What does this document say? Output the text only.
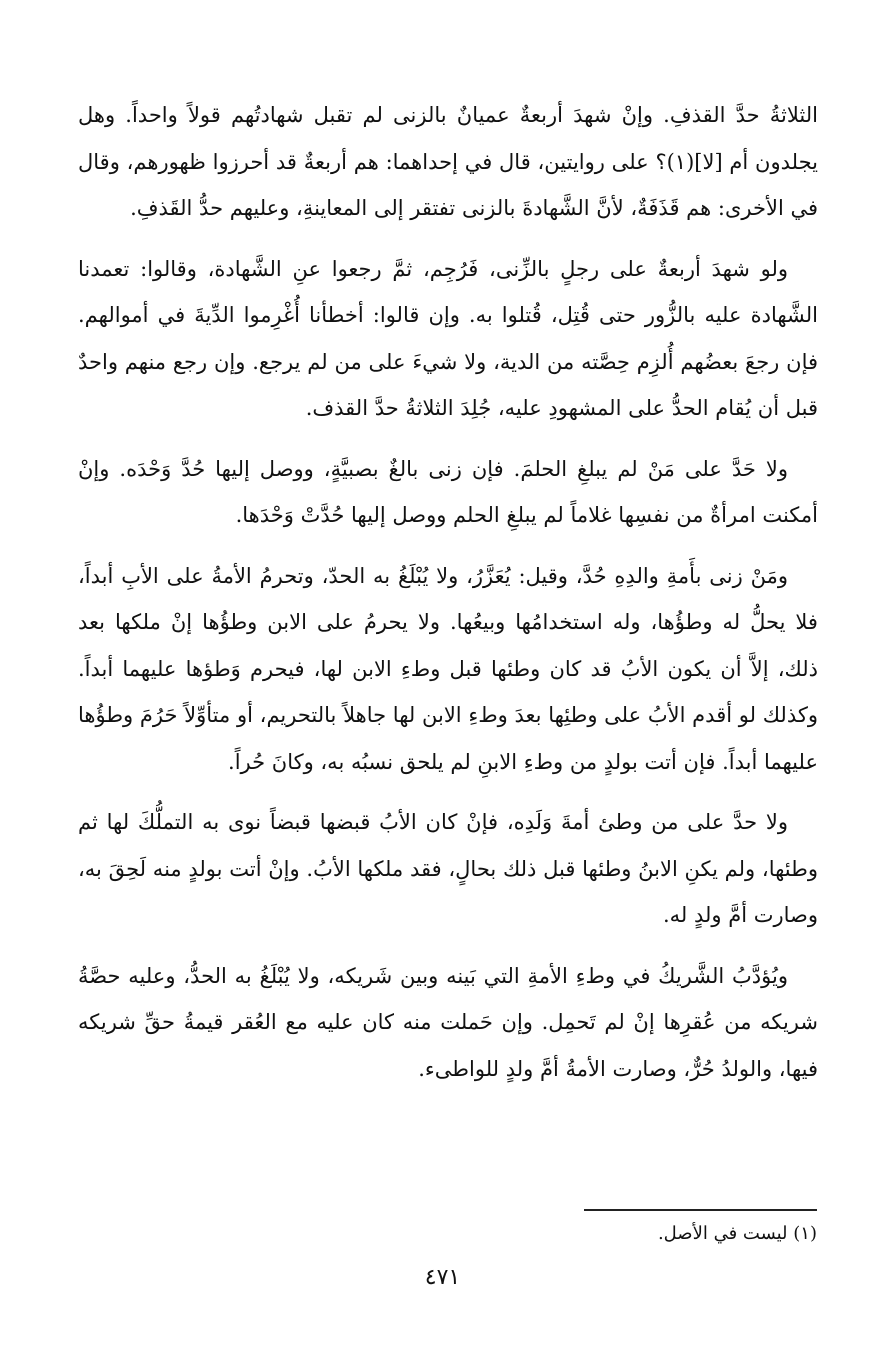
الثلاثةُ حدَّ القذفِ. وإنْ شهدَ أربعةٌ عميانٌ بالزنى لم تقبل شهادتُهم قولاً واحداً. وهل يجلدون أم [لا](١)؟ على روايتين، قال في إحداهما: هم أربعةٌ قد أحرزوا ظهورهم، وقال في الأخرى: هم قَذَفَةٌ، لأنَّ الشَّهادةَ بالزنى تفتقر إلى المعاينةِ، وعليهم حدُّ القَذفِ.

ولو شهدَ أربعةٌ على رجلٍ بالزِّنى، فَرُجِم، ثمَّ رجعوا عنِ الشَّهادة، وقالوا: تعمدنا الشَّهادة عليه بالزُّور حتى قُتِل، قُتلوا به. وإن قالوا: أخطأنا أُغْرِموا الدِّيةَ في أموالهم. فإن رجعَ بعضُهم أُلزِم حِصَّته من الدية، ولا شيءَ على من لم يرجع. وإن رجع منهم واحدٌ قبل أن يُقام الحدُّ على المشهودِ عليه، جُلِدَ الثلاثةُ حدَّ القذف.

ولا حَدَّ على مَنْ لم يبلغِ الحلمَ. فإن زنى بالغٌ بصبيَّةٍ، ووصل إليها حُدَّ وَحْدَه. وإنْ أمكنت امرأةٌ من نفسِها غلاماً لم يبلغِ الحلم ووصل إليها حُدَّتْ وَحْدَها.

ومَنْ زنى بأَمةِ والدِهِ حُدَّ، وقيل: يُعَزَّرُ، ولا يُبْلَغُ به الحدّ، وتحرمُ الأمةُ على الأبِ أبداً، فلا يحلُّ له وطؤُها، وله استخدامُها وبيعُها. ولا يحرمُ على الابن وطؤُها إنْ ملكها بعد ذلك، إلاَّ أن يكون الأبُ قد كان وطئها قبل وطءِ الابن لها، فيحرم وَطؤها عليهما أبداً. وكذلك لو أقدم الأبُ على وطئِها بعدَ وطءِ الابن لها جاهلاً بالتحريم، أو متأوِّلاً حَرُمَ وطؤُها عليهما أبداً. فإن أتت بولدٍ من وطءِ الابنِ لم يلحق نسبُه به، وكانَ حُراً.

ولا حدَّ على من وطئ أمةَ وَلَدِه، فإنْ كان الأبُ قبضها قبضاً نوى به التملُّكَ لها ثم وطئها، ولم يكنِ الابنُ وطئها قبل ذلك بحالٍ، فقد ملكها الأبُ. وإنْ أتت بولدٍ منه لَحِقَ به، وصارت أمَّ ولدٍ له.

ويُؤدَّبُ الشَّريكُ في وطءِ الأمةِ التي بَينه وبين شَريكه، ولا يُبْلَغُ به الحدُّ، وعليه حصَّةُ شريكه من عُقرِها إنْ لم تَحمِل. وإن حَملت منه كان عليه مع العُقر قيمةُ حقِّ شريكه فيها، والولدُ حُرٌّ، وصارت الأمةُ أمَّ ولدٍ للواطىء.

(١) ليست في الأصل.
٤٧١
